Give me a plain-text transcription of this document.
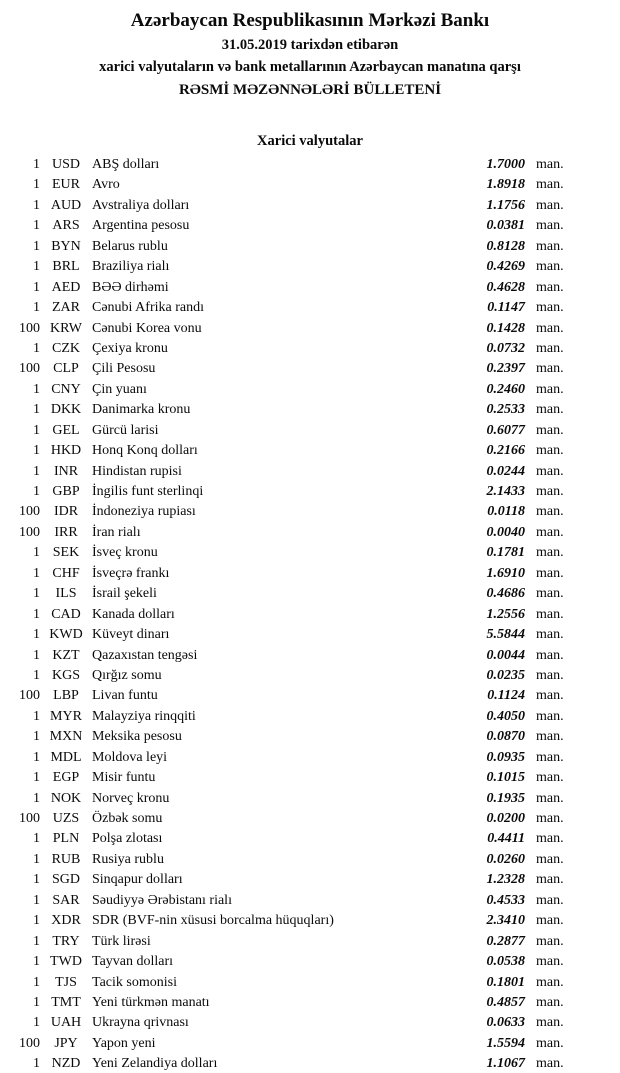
Azərbaycan Respublikasının Mərkəzi Bankı
31.05.2019 tarixdən etibarən
xarici valyutaların və bank metallarının Azərbaycan manatına qarşı
RƏSMİ MƏZƏNNƏLƏRİ BÜLLETENİ
Xarici valyutalar
1 USD ABŞ dolları	1.7000 man.
1 EUR Avro	1.8918 man.
1 AUD Avstraliya dolları	1.1756 man.
1 ARS Argentina pesosu	0.0381 man.
1 BYN Belarus rublu	0.8128 man.
1 BRL Braziliya rialı	0.4269 man.
1 AED BƏƏ dirhəmi	0.4628 man.
1 ZAR Cənubi Afrika randı	0.1147 man.
100 KRW Cənubi Korea vonu	0.1428 man.
1 CZK Çexiya kronu	0.0732 man.
100 CLP Çili Pesosu	0.2397 man.
1 CNY Çin yuanı	0.2460 man.
1 DKK Danimarka kronu	0.2533 man.
1 GEL Gürcü larisi	0.6077 man.
1 HKD Honq Konq dolları	0.2166 man.
1 INR Hindistan rupisi	0.0244 man.
1 GBP İngilis funt sterlinqi	2.1433 man.
100 IDR İndoneziya rupiası	0.0118 man.
100	IRR	İran rialı	0.0040 man.
1 SEK İsveç kronu	0.1781 man.
1 CHF İsveçrə frankı	1.6910 man.
1	ILS	İsrail şekeli	0.4686 man.
1 CAD Kanada dolları	1.2556 man.
1 KWD Küveyt dinarı	5.5844 man.
1 KZT Qazaxıstan tengəsi	0.0044 man.
1 KGS Qırğız somu	0.0235 man.
100 LBP Livan funtu	0.1124 man.
1 MYR Malayziya rinqqiti	0.4050 man.
1 MXN Meksika pesosu	0.0870 man.
1 MDL Moldova leyi	0.0935 man.
1 EGP Misir funtu	0.1015 man.
1 NOK Norveç kronu	0.1935 man.
100 UZS Özbək somu	0.0200 man.
1 PLN Polşa zlotası	0.4411 man.
1 RUB Rusiya rublu	0.0260 man.
1 SGD Sinqapur dolları	1.2328 man.
1 SAR Səudiyyə Ərəbistanı rialı	0.4533 man.
1 XDR SDR (BVF-nin xüsusi borcalma hüquqları)	2.3410 man.
1 TRY Türk lirəsi	0.2877 man.
1 TWD Tayvan dolları	0.0538 man.
1	TJS	Tacik somonisi	0.1801 man.
1 TMT Yeni türkmən manatı	0.4857 man.
1 UAH Ukrayna qrivnası	0.0633 man.
100	JPY	Yapon yeni	1.5594 man.
1 NZD Yeni Zelandiya dolları	1.1067 man.
